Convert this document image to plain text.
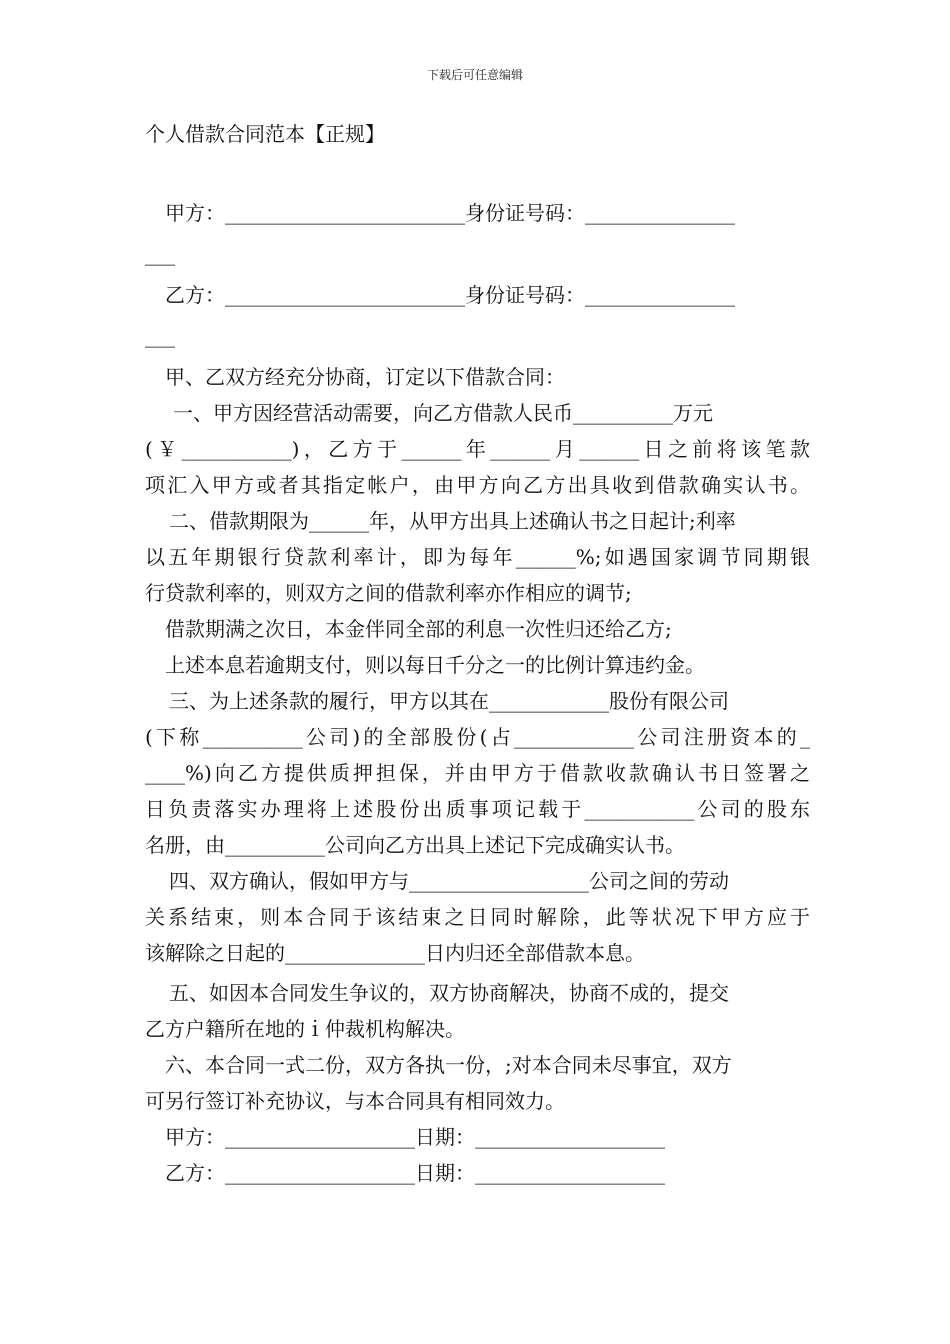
下载后可任意编辑
个人借款合同范本【正规】
甲方：________________________身份证号码：_______________
___
乙方：________________________身份证号码：_______________
___
甲、乙双方经充分协商，订定以下借款合同：
一、甲方因经营活动需要，向乙方借款人民币__________万元
(￥___________)，乙方于______年______月______日之前将该笔款
项汇入甲方或者其指定帐户，由甲方向乙方出具收到借款确实认书。
二、借款期限为______年，从甲方出具上述确认书之日起计;利率
以五年期银行贷款利率计，即为每年______%;如遇国家调节同期银
行贷款利率的，则双方之间的借款利率亦作相应的调节;
借款期满之次日，本金伴同全部的利息一次性归还给乙方;
上述本息若逾期支付，则以每日千分之一的比例计算违约金。
三、为上述条款的履行，甲方以其在____________股份有限公司
(下称__________公司)的全部股份(占____________公司注册资本的_
____%)向乙方提供质押担保，并由甲方于借款收款确认书日签署之
日负责落实办理将上述股份出质事项记载于___________公司的股东
名册，由__________公司向乙方出具上述记下完成确实认书。
四、双方确认，假如甲方与__________________公司之间的劳动
关系结束，则本合同于该结束之日同时解除，此等状况下甲方应于
该解除之日起的______________日内归还全部借款本息。
五、如因本合同发生争议的，双方协商解决，协商不成的，提交
乙方户籍所在地的ｉ仲裁机构解决。
六、本合同一式二份，双方各执一份，;对本合同未尽事宜，双方
可另行签订补充协议，与本合同具有相同效力。
甲方：___________________日期：___________________
乙方：___________________日期：___________________
